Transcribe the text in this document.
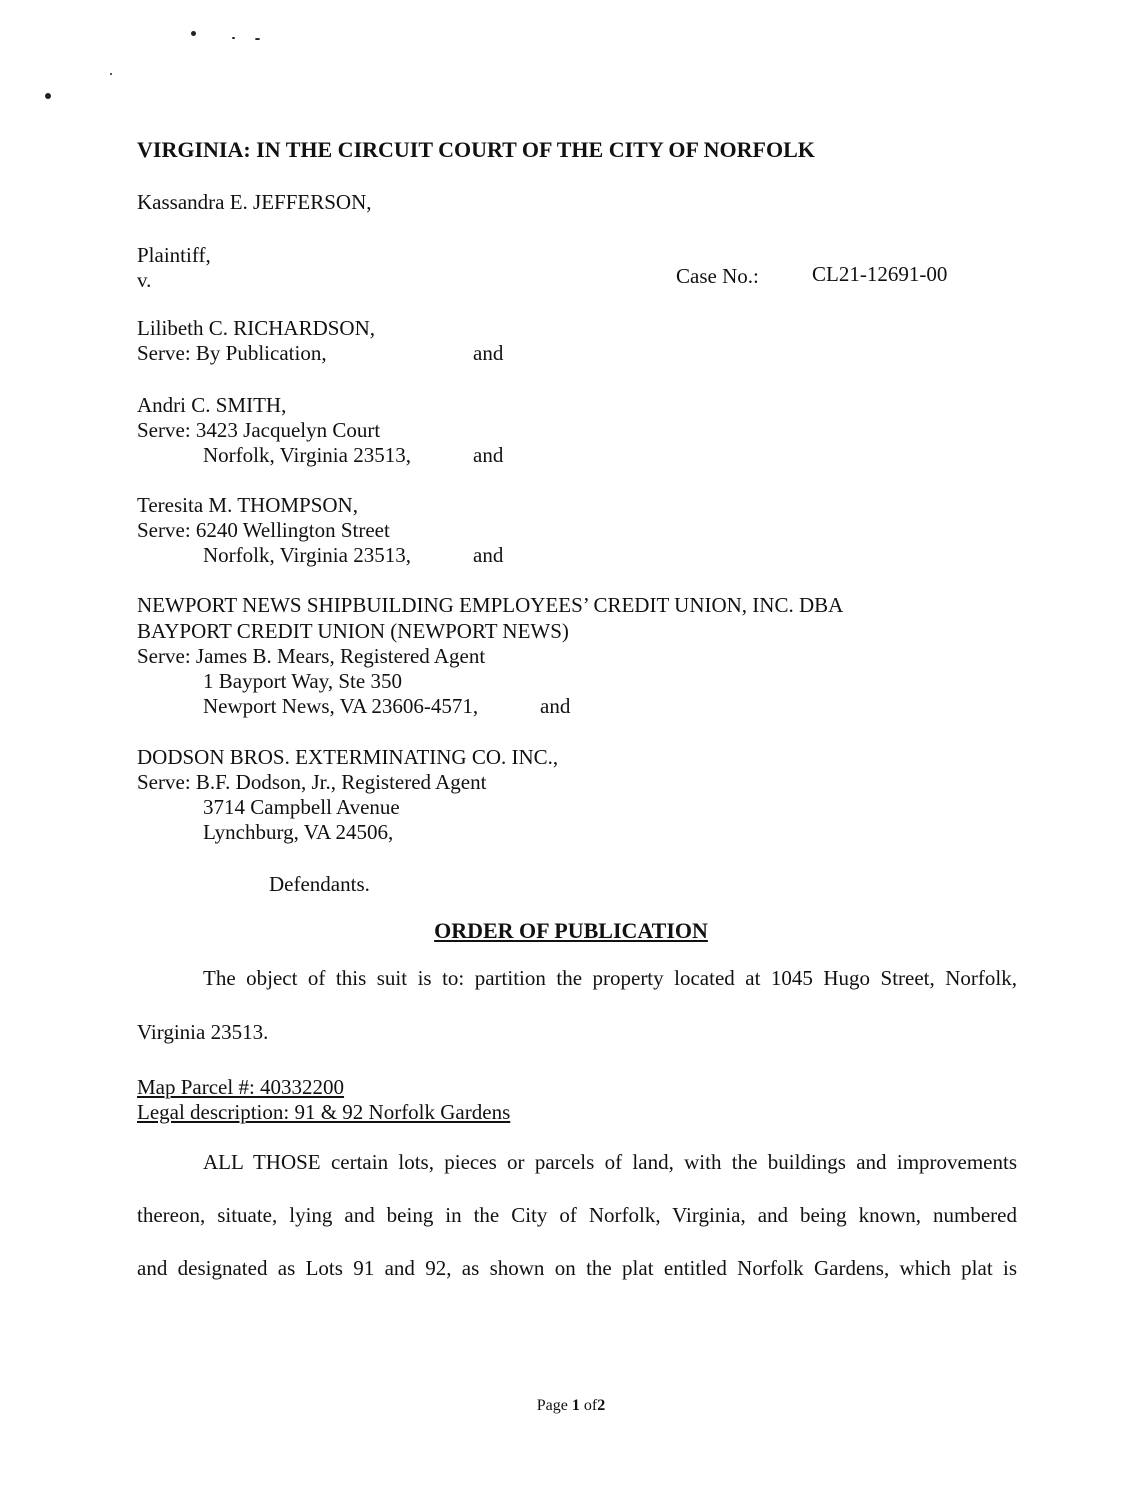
VIRGINIA: IN THE CIRCUIT COURT OF THE CITY OF NORFOLK
Kassandra E. JEFFERSON,
Plaintiff,
v.	Case No.:	CL21-12691-00
Lilibeth C. RICHARDSON,
Serve: By Publication,	and
Andri C. SMITH,
Serve: 3423 Jacquelyn Court
Norfolk, Virginia 23513,	and
Teresita M. THOMPSON,
Serve: 6240 Wellington Street
Norfolk, Virginia 23513,	and
NEWPORT NEWS SHIPBUILDING EMPLOYEES’ CREDIT UNION, INC. DBA
BAYPORT CREDIT UNION (NEWPORT NEWS)
Serve: James B. Mears, Registered Agent
1 Bayport Way, Ste 350
Newport News, VA 23606-4571,	and
DODSON BROS. EXTERMINATING CO. INC.,
Serve: B.F. Dodson, Jr., Registered Agent
3714 Campbell Avenue
Lynchburg, VA 24506,
Defendants.
ORDER OF PUBLICATION
The object of this suit is to: partition the property located at 1045 Hugo Street, Norfolk,
Virginia 23513.
Map Parcel #: 40332200
Legal description: 91 & 92 Norfolk Gardens
ALL THOSE certain lots, pieces or parcels of land, with the buildings and improvements
thereon, situate, lying and being in the City of Norfolk, Virginia, and being known, numbered
and designated as Lots 91 and 92, as shown on the plat entitled Norfolk Gardens, which plat is
Page 1 of2
